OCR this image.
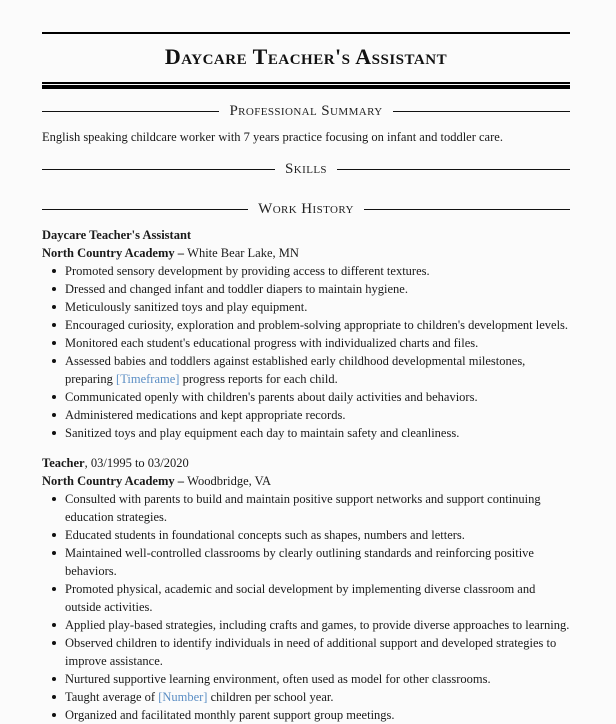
Daycare Teacher's Assistant
Professional Summary
English speaking childcare worker with 7 years practice focusing on infant and toddler care.
Skills
Work History
Daycare Teacher's Assistant
North Country Academy – White Bear Lake, MN
Promoted sensory development by providing access to different textures.
Dressed and changed infant and toddler diapers to maintain hygiene.
Meticulously sanitized toys and play equipment.
Encouraged curiosity, exploration and problem-solving appropriate to children's development levels.
Monitored each student's educational progress with individualized charts and files.
Assessed babies and toddlers against established early childhood developmental milestones, preparing [Timeframe] progress reports for each child.
Communicated openly with children's parents about daily activities and behaviors.
Administered medications and kept appropriate records.
Sanitized toys and play equipment each day to maintain safety and cleanliness.
Teacher, 03/1995 to 03/2020
North Country Academy – Woodbridge, VA
Consulted with parents to build and maintain positive support networks and support continuing education strategies.
Educated students in foundational concepts such as shapes, numbers and letters.
Maintained well-controlled classrooms by clearly outlining standards and reinforcing positive behaviors.
Promoted physical, academic and social development by implementing diverse classroom and outside activities.
Applied play-based strategies, including crafts and games, to provide diverse approaches to learning.
Observed children to identify individuals in need of additional support and developed strategies to improve assistance.
Nurtured supportive learning environment, often used as model for other classrooms.
Taught average of [Number] children per school year.
Organized and facilitated monthly parent support group meetings.
